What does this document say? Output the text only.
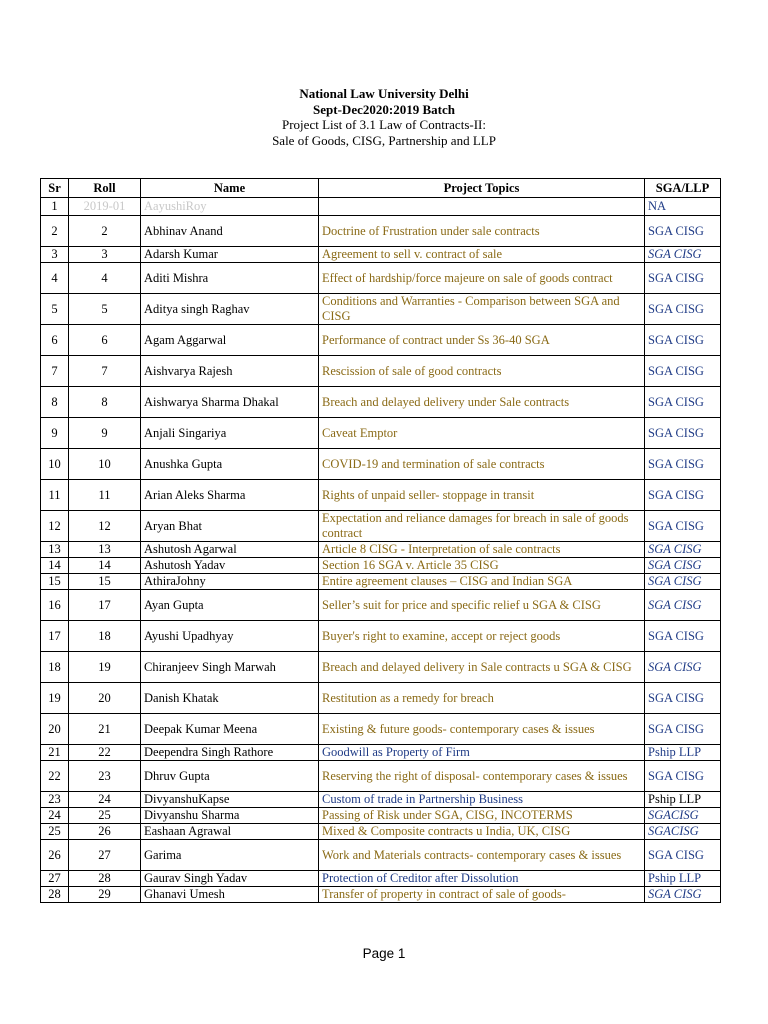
National Law University Delhi
Sept-Dec2020:2019 Batch
Project List of 3.1 Law of Contracts-II:
Sale of Goods, CISG, Partnership and LLP
Sr	Roll	Name	Project Topics	SGA/LLP
1	2019-01	AayushiRoy		NA
2	2	Abhinav Anand	Doctrine of Frustration under sale contracts	SGA CISG
3	3	Adarsh Kumar	Agreement to sell v. contract of sale	SGA CISG
4	4	Aditi Mishra	Effect of hardship/force majeure on sale of goods contract	SGA CISG
5	5	Aditya singh Raghav	Conditions and Warranties - Comparison between SGA and CISG	SGA CISG
6	6	Agam Aggarwal	Performance of contract under Ss 36-40 SGA	SGA CISG
7	7	Aishvarya Rajesh	Rescission of sale of good contracts	SGA CISG
8	8	Aishwarya Sharma Dhakal	Breach and delayed delivery under Sale contracts	SGA CISG
9	9	Anjali Singariya	Caveat Emptor	SGA CISG
10	10	Anushka Gupta	COVID-19 and termination of sale contracts	SGA CISG
11	11	Arian Aleks Sharma	Rights of unpaid seller- stoppage in transit	SGA CISG
12	12	Aryan Bhat	Expectation and reliance damages for breach in sale of goods contract	SGA CISG
13	13	Ashutosh Agarwal	Article 8 CISG - Interpretation of sale contracts	SGA CISG
14	14	Ashutosh Yadav	Section 16 SGA v. Article 35 CISG	SGA CISG
15	15	AthiraJohny	Entire agreement clauses – CISG and Indian SGA	SGA CISG
16	17	Ayan Gupta	Seller’s suit for price and specific relief u SGA & CISG	SGA CISG
17	18	Ayushi Upadhyay	Buyer's right to examine, accept or reject goods	SGA CISG
18	19	Chiranjeev Singh Marwah	Breach and delayed delivery in Sale contracts u SGA & CISG	SGA CISG
19	20	Danish Khatak	Restitution as a remedy for breach	SGA CISG
20	21	Deepak Kumar Meena	Existing & future goods- contemporary cases & issues	SGA CISG
21	22	Deependra Singh Rathore	Goodwill as Property of Firm	Pship LLP
22	23	Dhruv Gupta	Reserving the right of disposal- contemporary cases & issues	SGA CISG
23	24	DivyanshuKapse	Custom of trade in Partnership Business	Pship LLP
24	25	Divyanshu Sharma	Passing of Risk under SGA, CISG, INCOTERMS	SGACISG
25	26	Eashaan Agrawal	Mixed & Composite contracts u India, UK, CISG	SGACISG
26	27	Garima	Work and Materials contracts- contemporary cases & issues	SGA CISG
27	28	Gaurav Singh Yadav	Protection of Creditor after Dissolution	Pship LLP
28	29	Ghanavi Umesh	Transfer of property in contract of sale of goods-	SGA CISG
Page 1
